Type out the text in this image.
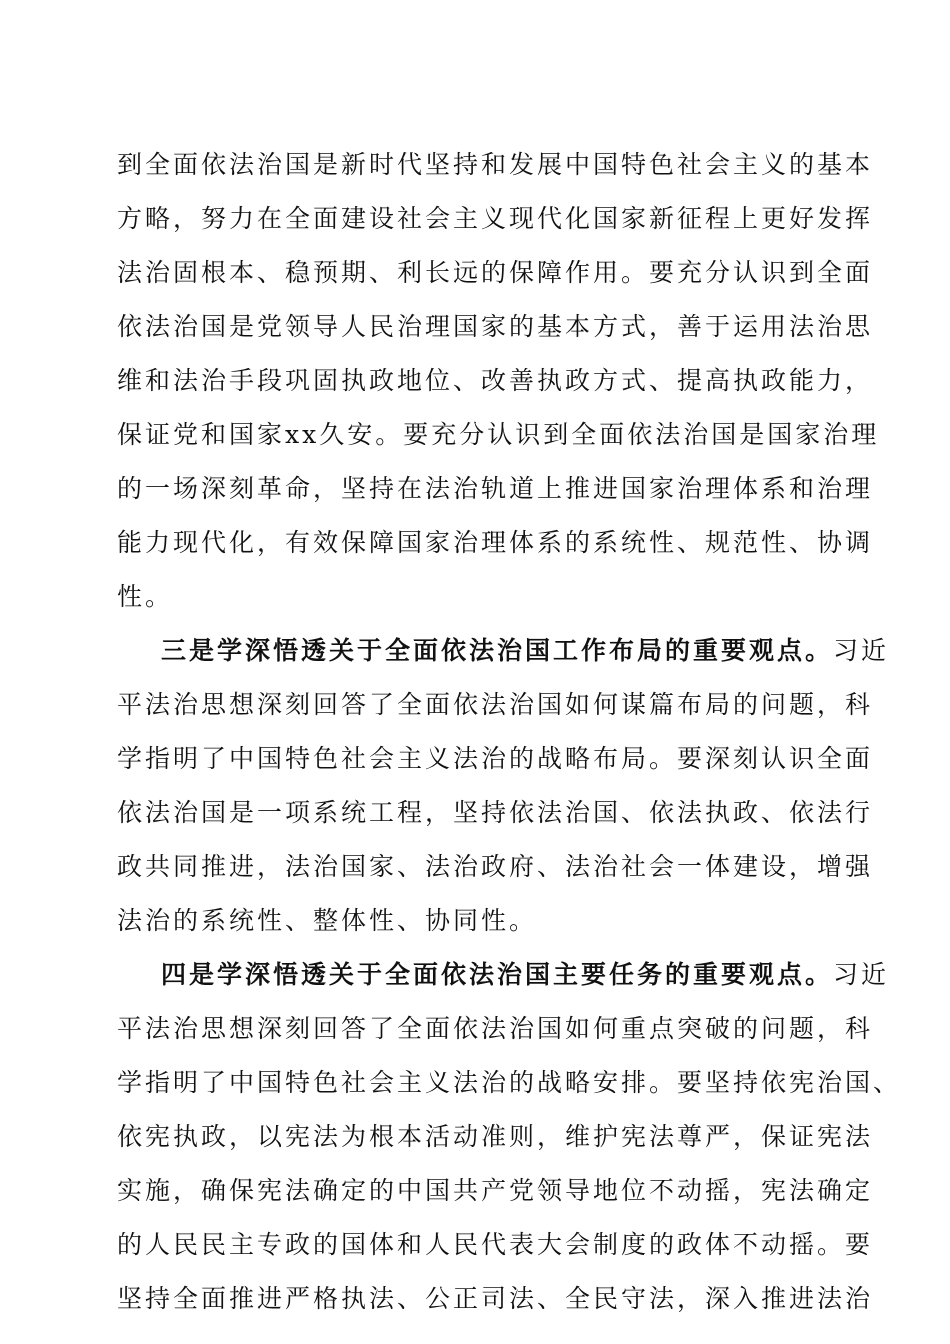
到全面依法治国是新时代坚持和发展中国特色社会主义的基本
方略，努力在全面建设社会主义现代化国家新征程上更好发挥
法治固根本、稳预期、利长远的保障作用。要充分认识到全面
依法治国是党领导人民治理国家的基本方式，善于运用法治思
维和法治手段巩固执政地位、改善执政方式、提高执政能力，
保证党和国家xx久安。要充分认识到全面依法治国是国家治理
的一场深刻革命，坚持在法治轨道上推进国家治理体系和治理
能力现代化，有效保障国家治理体系的系统性、规范性、协调
性。
三是学深悟透关于全面依法治国工作布局的重要观点。习近
平法治思想深刻回答了全面依法治国如何谋篇布局的问题，科
学指明了中国特色社会主义法治的战略布局。要深刻认识全面
依法治国是一项系统工程，坚持依法治国、依法执政、依法行
政共同推进，法治国家、法治政府、法治社会一体建设，增强
法治的系统性、整体性、协同性。
四是学深悟透关于全面依法治国主要任务的重要观点。习近
平法治思想深刻回答了全面依法治国如何重点突破的问题，科
学指明了中国特色社会主义法治的战略安排。要坚持依宪治国、
依宪执政，以宪法为根本活动准则，维护宪法尊严，保证宪法
实施，确保宪法确定的中国共产党领导地位不动摇，宪法确定
的人民民主专政的国体和人民代表大会制度的政体不动摇。要
坚持全面推进严格执法、公正司法、全民守法，深入推进法治
